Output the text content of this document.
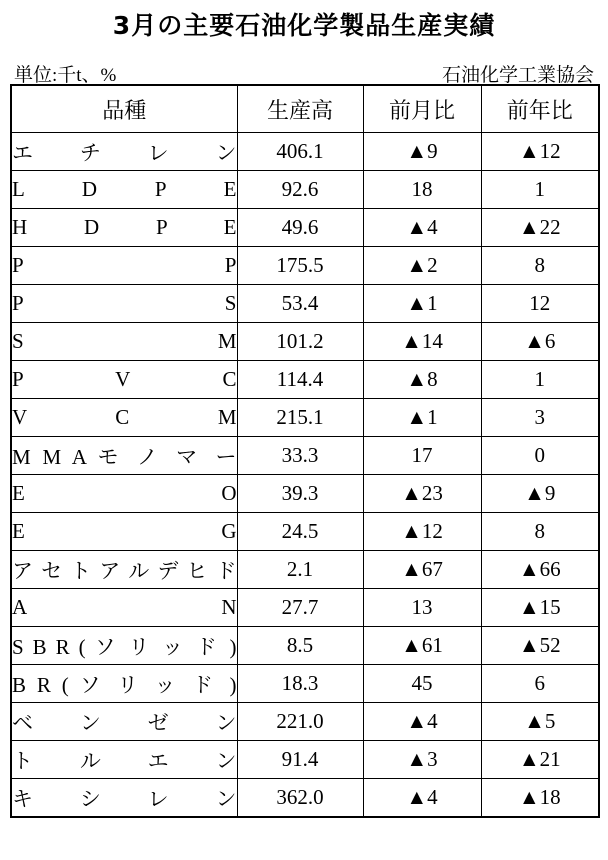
3月の主要石油化学製品生産実績
単位:千t、%	石油化学工業協会
品種	生産高	前月比	前年比
エ チ レ ン	406.1	▲9	▲12
L D P E	92.6	18	1
H D P E	49.6	▲4	▲22
P P	175.5	▲2	8
P S	53.4	▲1	12
S M	101.2	▲14	▲6
P V C	114.4	▲8	1
V C M	215.1	▲1	3
M M A モ ノ マ ー	33.3	17	0
E O	39.3	▲23	▲9
E G	24.5	▲12	8
ア セ ト ア ル デ ヒ ド	2.1	▲67	▲66
A N	27.7	13	▲15
S B R ( ソ リ ッ ド )	8.5	▲61	▲52
B R ( ソ リ ッ ド )	18.3	45	6
ベ ン ゼ ン	221.0	▲4	▲5
ト ル エ ン	91.4	▲3	▲21
キ シ レ ン	362.0	▲4	▲18
